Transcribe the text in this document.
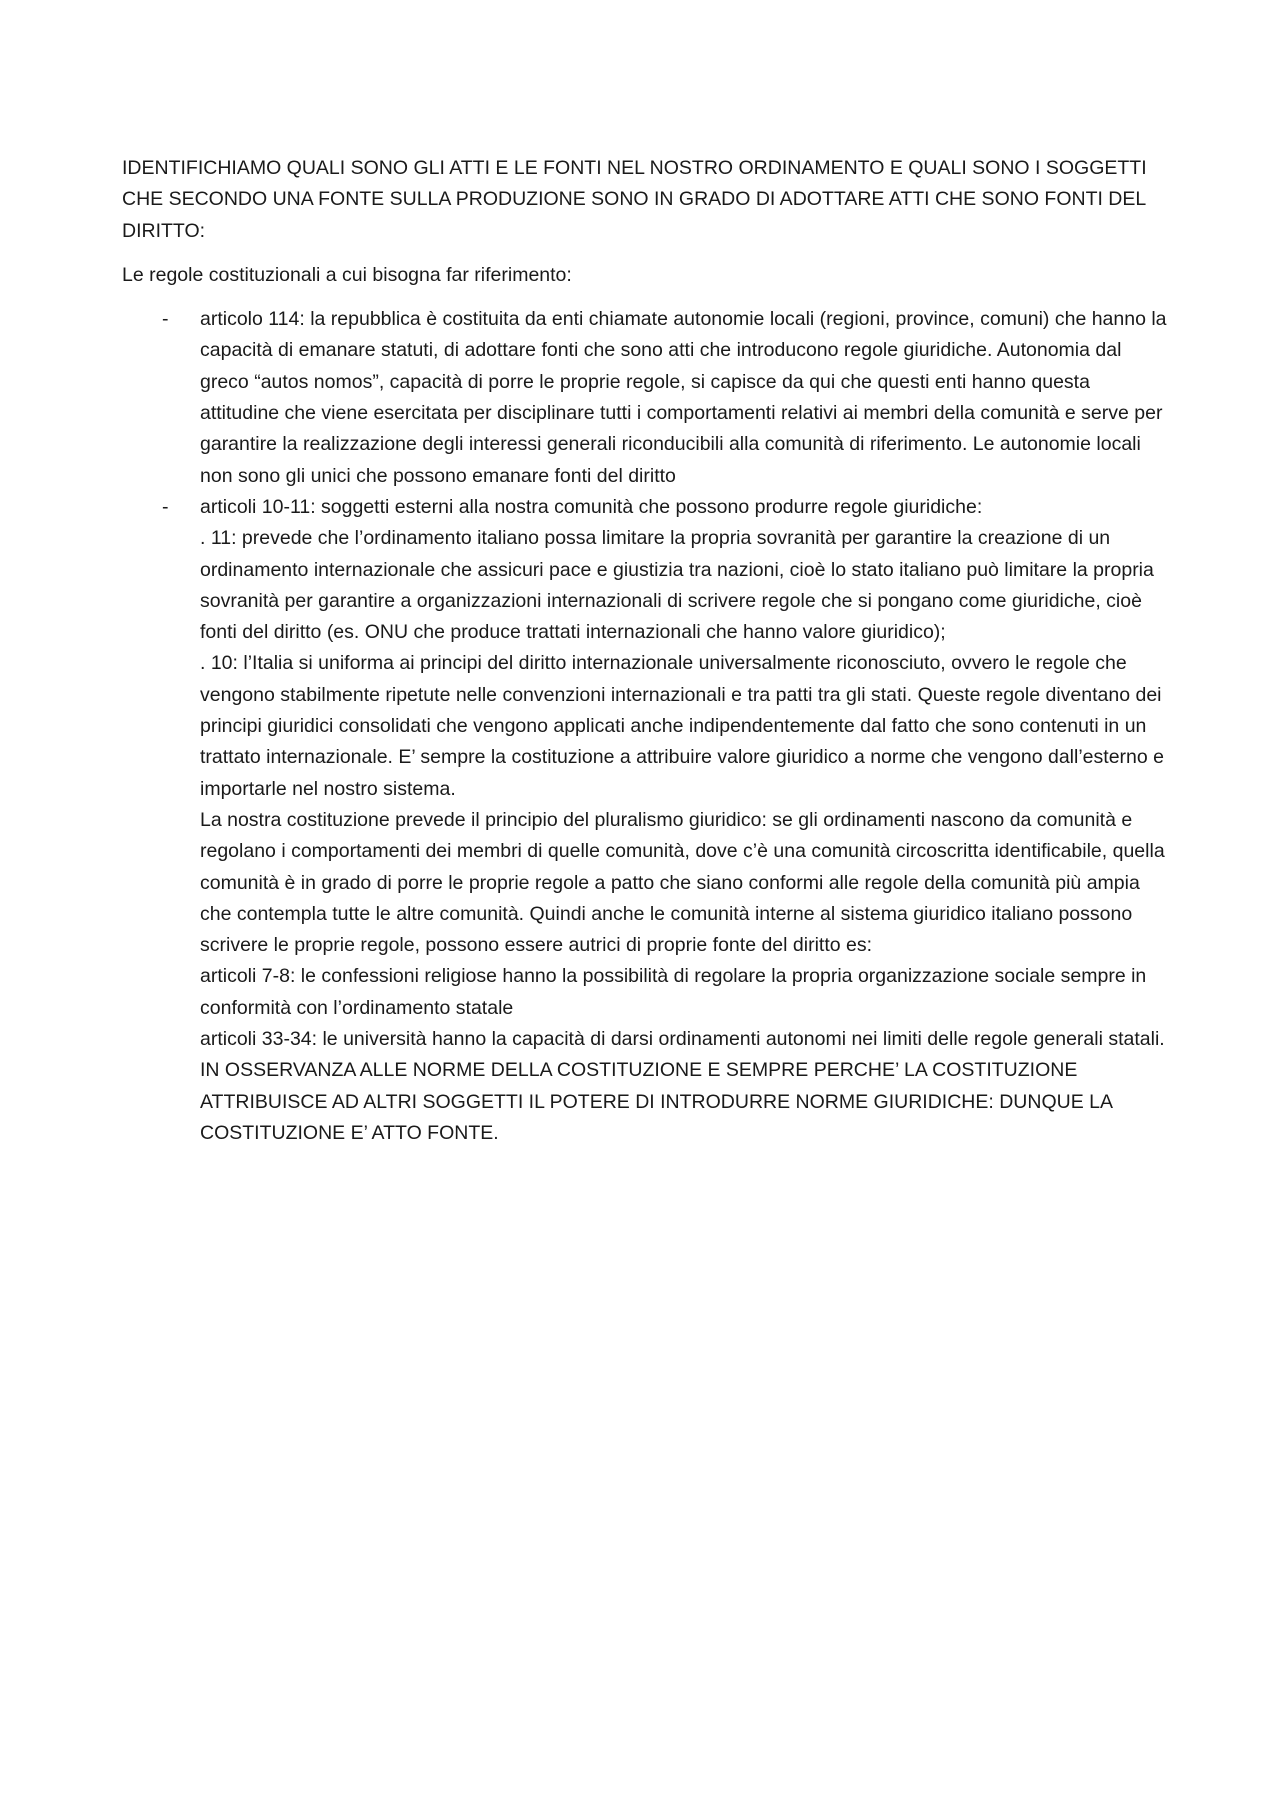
IDENTIFICHIAMO QUALI SONO GLI ATTI E LE FONTI NEL NOSTRO ORDINAMENTO E QUALI SONO I SOGGETTI CHE SECONDO UNA FONTE SULLA PRODUZIONE SONO IN GRADO DI ADOTTARE ATTI CHE SONO FONTI DEL DIRITTO:

Le regole costituzionali a cui bisogna far riferimento:

- articolo 114: la repubblica è costituita da enti chiamate autonomie locali (regioni, province, comuni) che hanno la capacità di emanare statuti, di adottare fonti che sono atti che introducono regole giuridiche. Autonomia dal greco “autos nomos”, capacità di porre le proprie regole, si capisce da qui che questi enti hanno questa attitudine che viene esercitata per disciplinare tutti i comportamenti relativi ai membri della comunità e serve per garantire la realizzazione degli interessi generali riconducibili alla comunità di riferimento. Le autonomie locali non sono gli unici che possono emanare fonti del diritto
- articoli 10-11: soggetti esterni alla nostra comunità che possono produrre regole giuridiche:
. 11: prevede che l’ordinamento italiano possa limitare la propria sovranità per garantire la creazione di un ordinamento internazionale che assicuri pace e giustizia tra nazioni, cioè lo stato italiano può limitare la propria sovranità per garantire a organizzazioni internazionali di scrivere regole che si pongano come giuridiche, cioè fonti del diritto (es. ONU che produce trattati internazionali che hanno valore giuridico);
. 10: l’Italia si uniforma ai principi del diritto internazionale universalmente riconosciuto, ovvero le regole che vengono stabilmente ripetute nelle convenzioni internazionali e tra patti tra gli stati. Queste regole diventano dei principi giuridici consolidati che vengono applicati anche indipendentemente dal fatto che sono contenuti in un trattato internazionale. E’ sempre la costituzione a attribuire valore giuridico a norme che vengono dall’esterno e importarle nel nostro sistema.
La nostra costituzione prevede il principio del pluralismo giuridico: se gli ordinamenti nascono da comunità e regolano i comportamenti dei membri di quelle comunità, dove c’è una comunità circoscritta identificabile, quella comunità è in grado di porre le proprie regole a patto che siano conformi alle regole della comunità più ampia che contempla tutte le altre comunità. Quindi anche le comunità interne al sistema giuridico italiano possono scrivere le proprie regole, possono essere autrici di proprie fonte del diritto es:
articoli 7-8: le confessioni religiose hanno la possibilità di regolare la propria organizzazione sociale sempre in conformità con l’ordinamento statale
articoli 33-34: le università hanno la capacità di darsi ordinamenti autonomi nei limiti delle regole generali statali.
IN OSSERVANZA ALLE NORME DELLA COSTITUZIONE E SEMPRE PERCHE’ LA COSTITUZIONE ATTRIBUISCE AD ALTRI SOGGETTI IL POTERE DI INTRODURRE NORME GIURIDICHE: DUNQUE LA COSTITUZIONE E’ ATTO FONTE.
